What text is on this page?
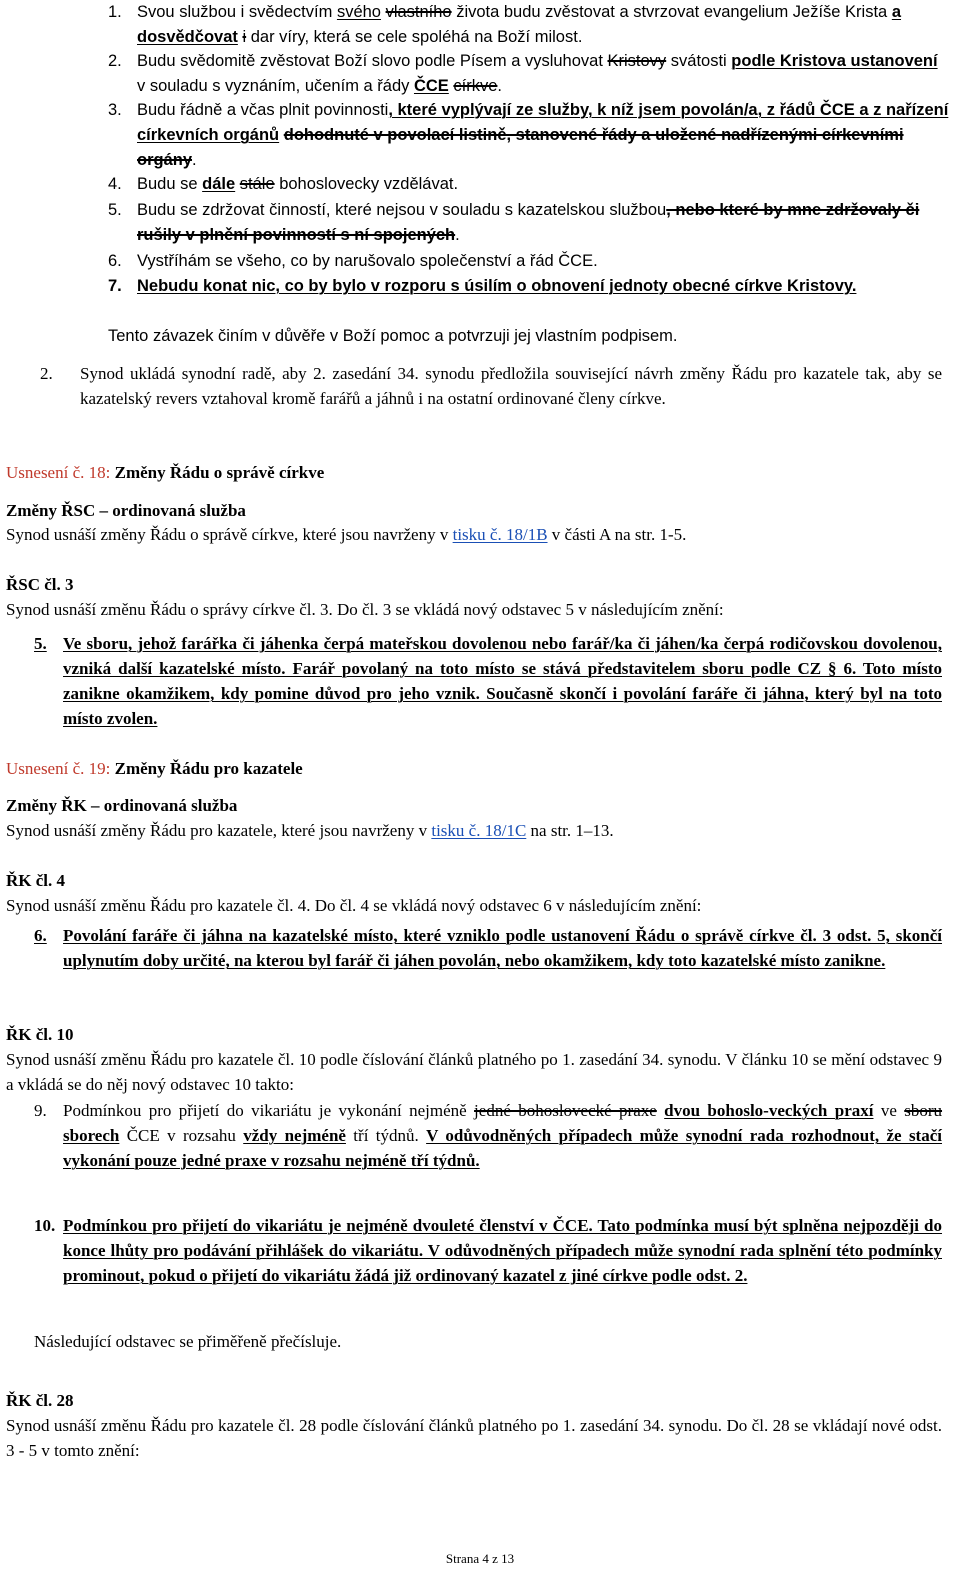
1. Svou službou i svědectvím svého vlastního života budu zvěstovat a stvrzovat evangelium Ježíše Krista a dosvědčovat i dar víry, která se cele spoléhá na Boží milost.
2. Budu svědomitě zvěstovat Boží slovo podle Písem a vysluhovat Kristovy svátosti podle Kristova ustanovení v souladu s vyznáním, učením a řády ČCE církve.
3. Budu řádně a včas plnit povinnosti, které vyplývají ze služby, k níž jsem povolán/a, z řádů ČCE a z nařízení církevních orgánů dohodnuté v povolací listině, stanovené řády a uložené nadřízenými církevními orgány.
4. Budu se dále stále bohoslovecky vzdělávat.
5. Budu se zdržovat činností, které nejsou v souladu s kazatelskou službou, nebo které by mne zdržovaly či rušily v plnění povinností s ní spojených.
6. Vystříhám se všeho, co by narušovalo společenství a řád ČCE.
7. Nebudu konat nic, co by bylo v rozporu s úsilím o obnovení jednoty obecné církve Kristovy.
Tento závazek činím v důvěře v Boží pomoc a potvrzuji jej vlastním podpisem.
2. Synod ukládá synodní radě, aby 2. zasedání 34. synodu předložila související návrh změny Řádu pro kazatele tak, aby se kazatelský revers vztahoval kromě farářů a jáhnů i na ostatní ordinované členy církve.
Usnesení č. 18: Změny Řádu o správě církve
Změny ŘSC – ordinovaná služba
Synod usnáší změny Řádu o správě církve, které jsou navrženy v tisku č. 18/1B v části A na str. 1-5.
ŘSC čl. 3
Synod usnáší změnu Řádu o správy církve čl. 3. Do čl. 3 se vkládá nový odstavec 5 v následujícím znění:
5. Ve sboru, jehož farářka či jáhenka čerpá mateřskou dovolenou nebo farář/ka či jáhen/ka čerpá rodičovskou dovolenou, vzniká další kazatelské místo. Farář povolaný na toto místo se stává představitelem sboru podle CZ § 6. Toto místo zanikne okamžikem, kdy pomine důvod pro jeho vznik. Současně skončí i povolání faráře či jáhna, který byl na toto místo zvolen.
Usnesení č. 19: Změny Řádu pro kazatele
Změny ŘK – ordinovaná služba
Synod usnáší změny Řádu pro kazatele, které jsou navrženy v tisku č. 18/1C na str. 1–13.
ŘK čl. 4
Synod usnáší změnu Řádu pro kazatele čl. 4. Do čl. 4 se vkládá nový odstavec 6 v následujícím znění:
6. Povolání faráře či jáhna na kazatelské místo, které vzniklo podle ustanovení Řádu o správě církve čl. 3 odst. 5, skončí uplynutím doby určité, na kterou byl farář či jáhen povolán, nebo okamžikem, kdy toto kazatelské místo zanikne.
ŘK čl. 10
Synod usnáší změnu Řádu pro kazatele čl. 10 podle číslování článků platného po 1. zasedání 34. synodu. V článku 10 se mění odstavec 9 a vkládá se do něj nový odstavec 10 takto:
9. Podmínkou pro přijetí do vikariátu je vykonání nejméně jedné bohoslovecké praxe dvou bohoslo-veckých praxí ve sboru sborech ČCE v rozsahu vždy nejméně tří týdnů. V odůvodněných případech může synodní rada rozhodnout, že stačí vykonání pouze jedné praxe v rozsahu nejméně tří týdnů.
10. Podmínkou pro přijetí do vikariátu je nejméně dvouleté členství v ČCE. Tato podmínka musí být splněna nejpozději do konce lhůty pro podávání přihlášek do vikariátu. V odůvodněných případech může synodní rada splnění této podmínky prominout, pokud o přijetí do vikariátu žádá již ordinovaný kazatel z jiné církve podle odst. 2.
Následující odstavec se přiměřeně přečísluje.
ŘK čl. 28
Synod usnáší změnu Řádu pro kazatele čl. 28 podle číslování článků platného po 1. zasedání 34. synodu. Do čl. 28 se vkládají nové odst. 3 - 5 v tomto znění:
Strana 4 z 13
